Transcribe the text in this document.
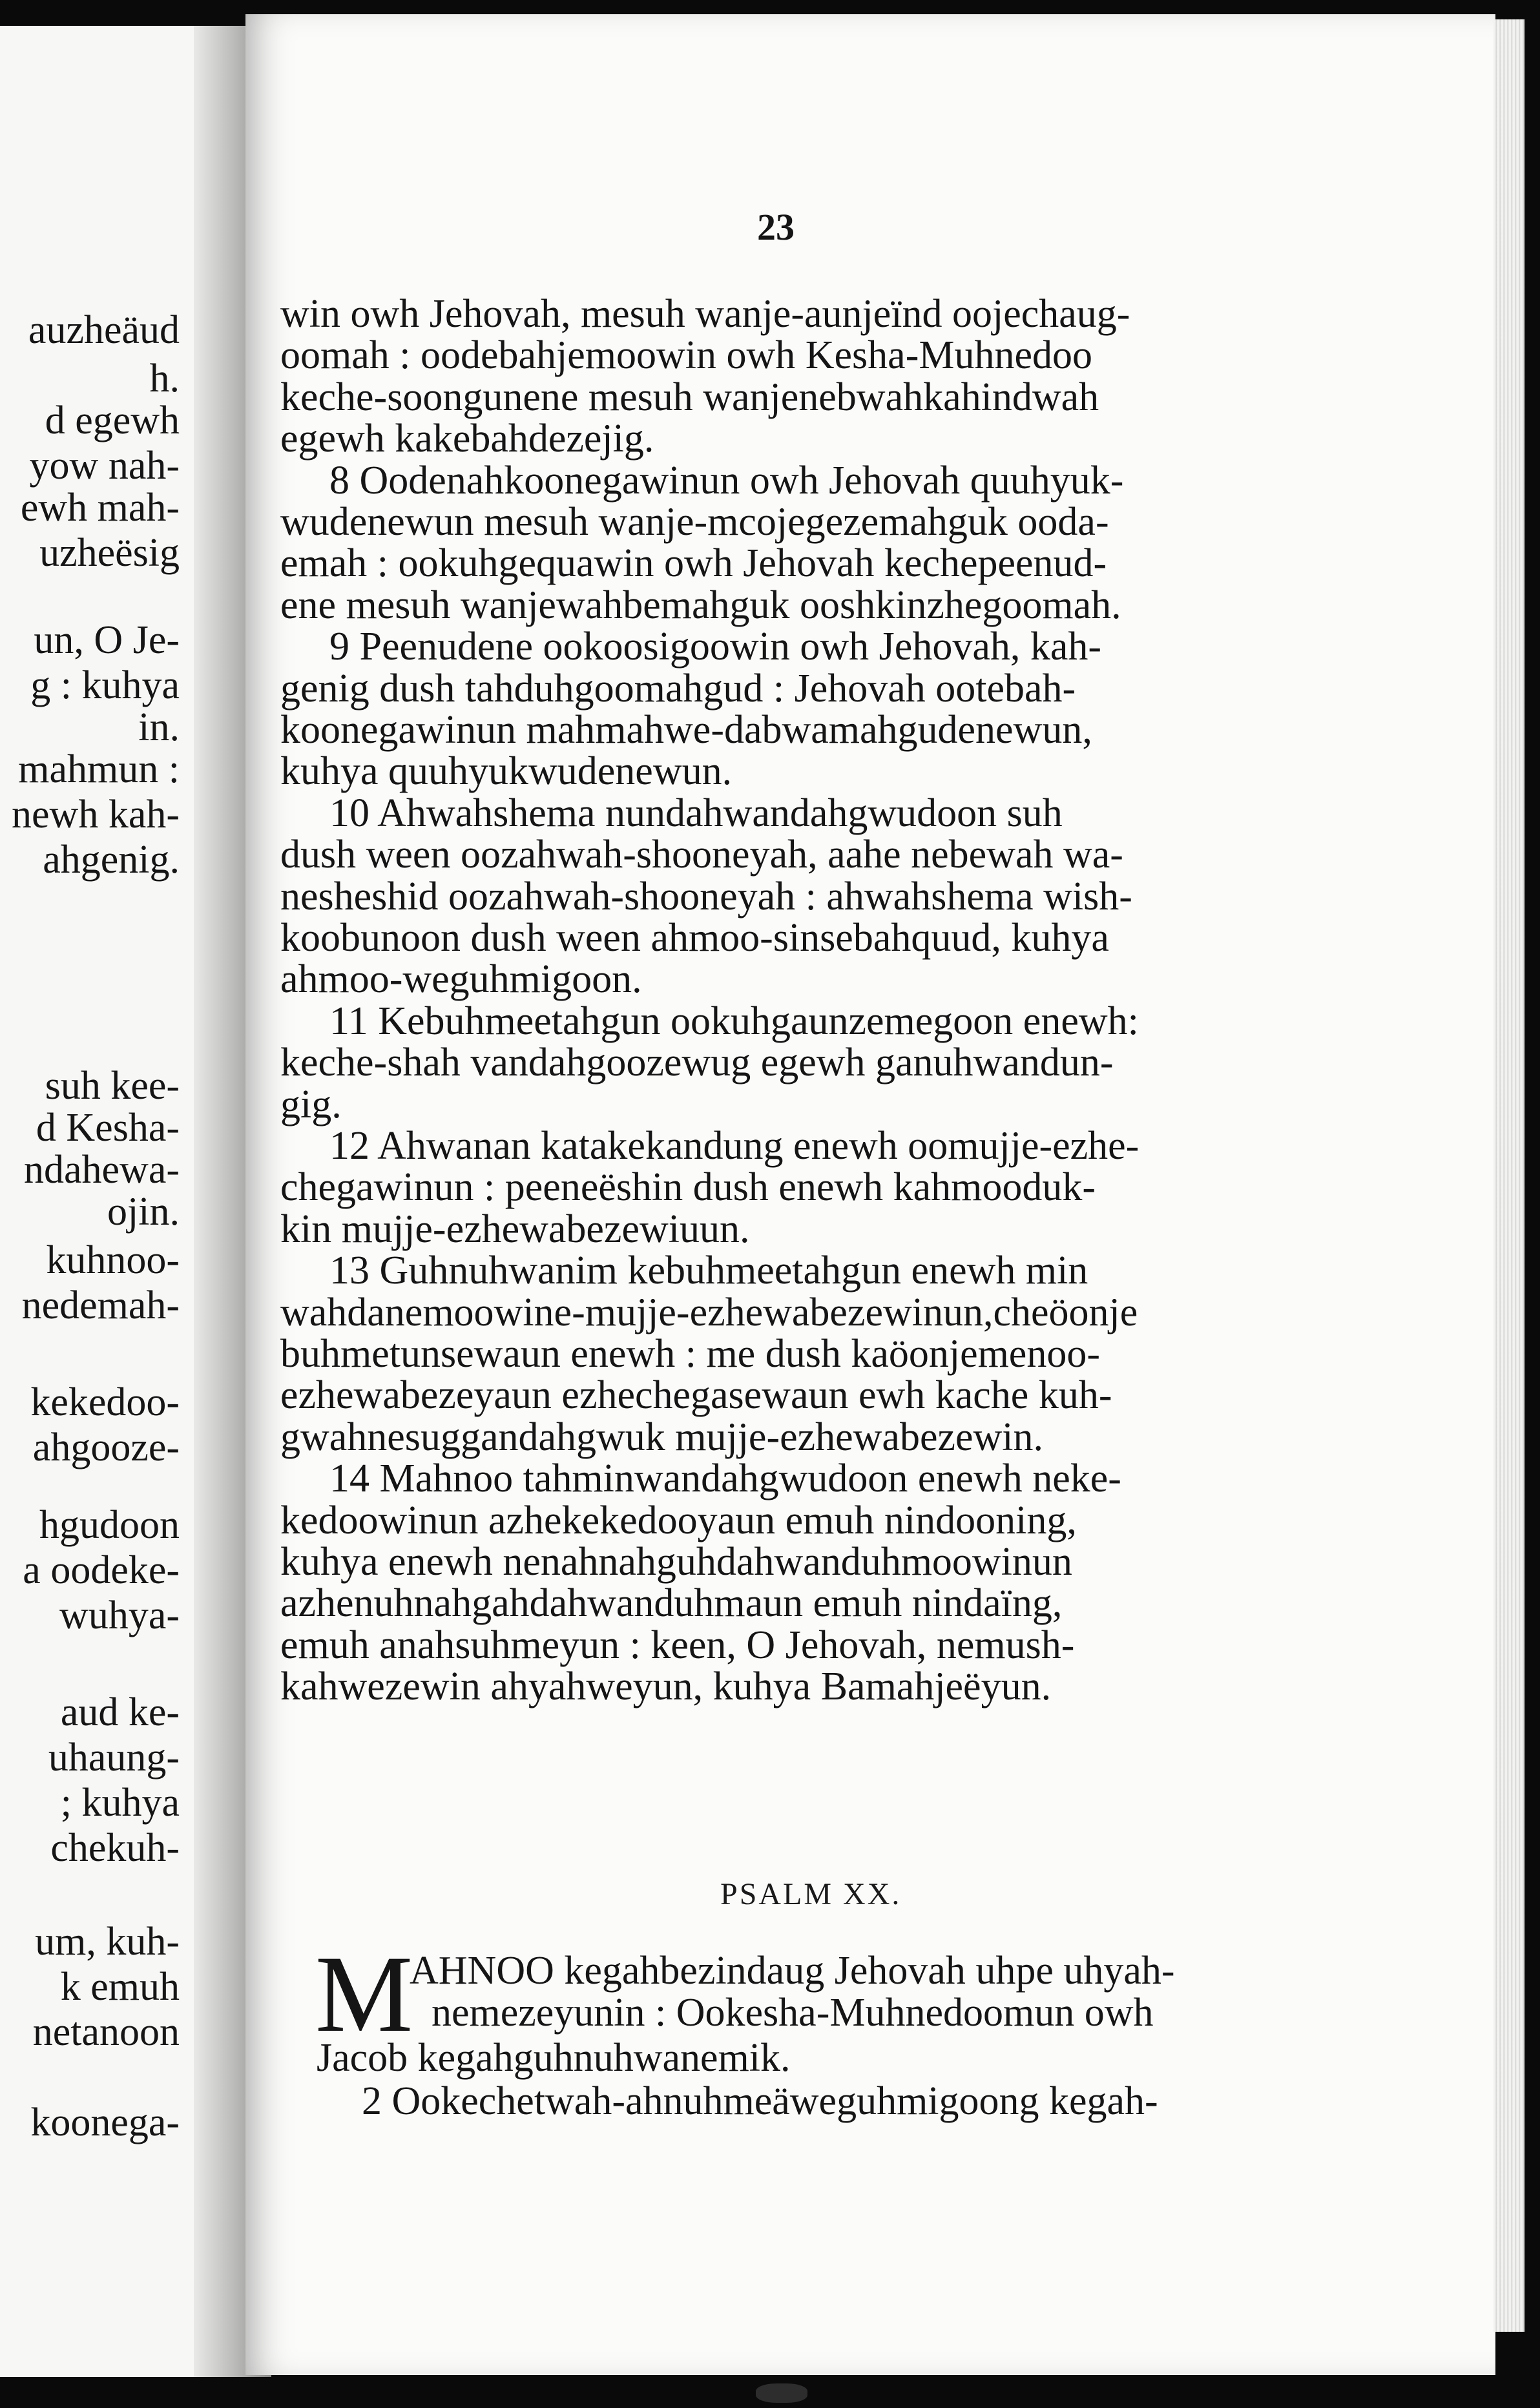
auzheäud
h.
d egewh
yow nah-
ewh mah-
uzheësig
un, O Je-
g : kuhya
in.
mahmun :
newh kah-
ahgenig.
suh kee-
d Kesha-
ndahewa-
ojin.
kuhnoo-
nedemah-
kekedoo-
ahgooze-
hgudoon
a oodeke-
wuhya-
aud ke-
uhaung-
; kuhya
chekuh-
um, kuh-
k emuh
netanoon
koonega-
23
win owh Jehovah, mesuh wanje-aunjeïnd oojechaug-
oomah : oodebahjemoowin owh Kesha-Muhnedoo
keche-soongunene mesuh wanjenebwahkahindwah
egewh kakebahdezejig.
8 Oodenahkoonegawinun owh Jehovah quuhyuk-
wudenewun mesuh wanje-mcojegezemahguk ooda-
emah : ookuhgequawin owh Jehovah kechepeenud-
ene mesuh wanjewahbemahguk ooshkinzhegoomah.
9 Peenudene ookoosigoowin owh Jehovah, kah-
genig dush tahduhgoomahgud : Jehovah ootebah-
koonegawinun mahmahwe-dabwamahgudenewun,
kuhya quuhyukwudenewun.
10 Ahwahshema nundahwandahgwudoon suh
dush ween oozahwah-shooneyah, aahe nebewah wa-
nesheshid oozahwah-shooneyah : ahwahshema wish-
koobunoon dush ween ahmoo-sinsebahquud, kuhya
ahmoo-weguhmigoon.
11 Kebuhmeetahgun ookuhgaunzemegoon enewh:
keche-shah vandahgoozewug egewh ganuhwandun-
gig.
12 Ahwanan katakekandung enewh oomujje-ezhe-
chegawinun : peeneëshin dush enewh kahmooduk-
kin mujje-ezhewabezewiuun.
13 Guhnuhwanim kebuhmeetahgun enewh min
wahdanemoowine-mujje-ezhewabezewinun,cheöonje
buhmetunsewaun enewh : me dush kaöonjemenoo-
ezhewabezeyaun ezhechegasewaun ewh kache kuh-
gwahnesuggandahgwuk mujje-ezhewabezewin.
14 Mahnoo tahminwandahgwudoon enewh neke-
kedoowinun azhekekedooyaun emuh nindooning,
kuhya enewh nenahnahguhdahwanduhmoowinun
azhenuhnahgahdahwanduhmaun emuh nindaïng,
emuh anahsuhmeyun : keen, O Jehovah, nemush-
kahwezewin ahyahweyun, kuhya Bamahjeëyun.
PSALM XX.
M
AHNOO kegahbezindaug Jehovah uhpe uhyah-
nemezeyunin : Ookesha-Muhnedoomun owh
Jacob kegahguhnuhwanemik.
2 Ookechetwah-ahnuhmeäweguhmigoong kegah-
